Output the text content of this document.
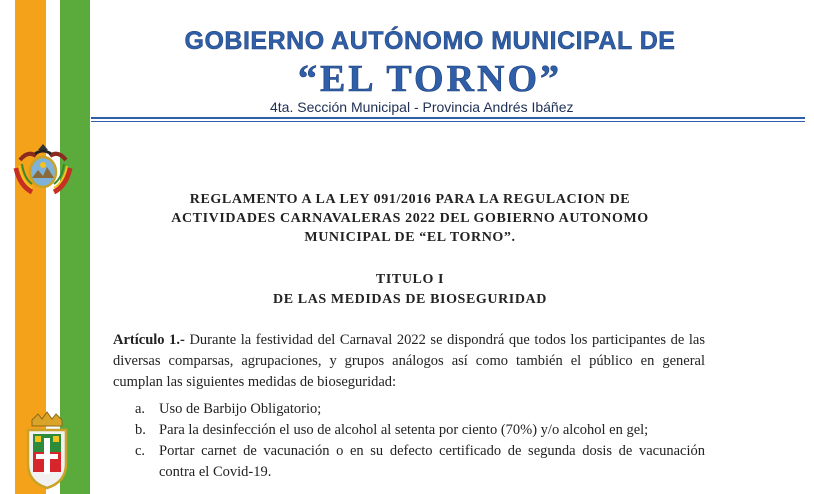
GOBIERNO AUTÓNOMO MUNICIPAL DE
“EL TORNO”
4ta. Sección Municipal - Provincia Andrés Ibáñez
REGLAMENTO A LA LEY 091/2016 PARA LA REGULACION DE
ACTIVIDADES CARNAVALERAS 2022 DEL GOBIERNO AUTONOMO
MUNICIPAL DE “EL TORNO”.
TITULO I
DE LAS MEDIDAS DE BIOSEGURIDAD
Artículo 1.- Durante la festividad del Carnaval 2022 se dispondrá que todos los participantes de las diversas comparsas, agrupaciones, y grupos análogos así como también el público en general cumplan las siguientes medidas de bioseguridad:
a. Uso de Barbijo Obligatorio;
b. Para la desinfección el uso de alcohol al setenta por ciento (70%) y/o alcohol en gel;
c. Portar carnet de vacunación o en su defecto certificado de segunda dosis de vacunación contra el Covid-19.
